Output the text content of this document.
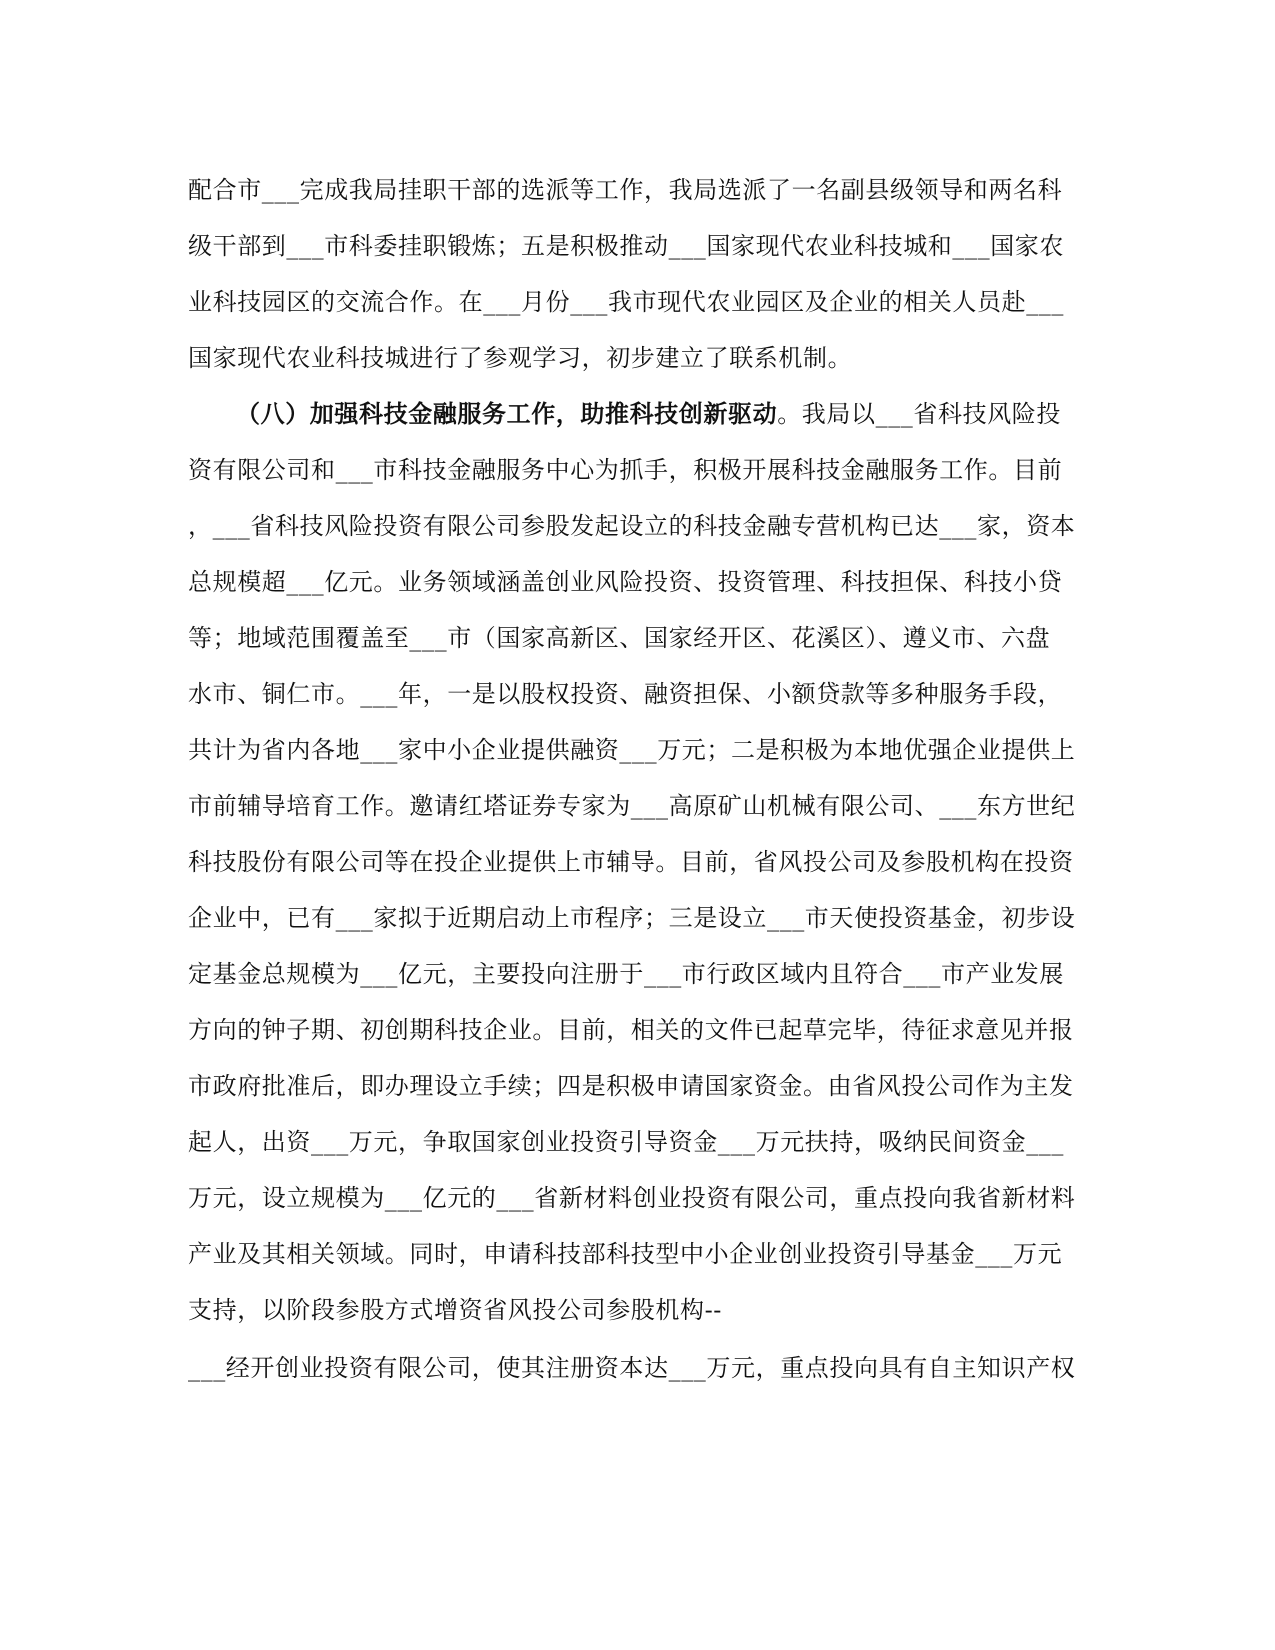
配合市___完成我局挂职干部的选派等工作，我局选派了一名副县级领导和两名科
级干部到___市科委挂职锻炼；五是积极推动___国家现代农业科技城和___国家农
业科技园区的交流合作。在___月份___我市现代农业园区及企业的相关人员赴___
国家现代农业科技城进行了参观学习，初步建立了联系机制。
（八）加强科技金融服务工作，助推科技创新驱动。我局以___省科技风险投
资有限公司和___市科技金融服务中心为抓手，积极开展科技金融服务工作。目前
，___省科技风险投资有限公司参股发起设立的科技金融专营机构已达___家，资本
总规模超___亿元。业务领域涵盖创业风险投资、投资管理、科技担保、科技小贷
等；地域范围覆盖至___市（国家高新区、国家经开区、花溪区）、遵义市、六盘
水市、铜仁市。___年，一是以股权投资、融资担保、小额贷款等多种服务手段，
共计为省内各地___家中小企业提供融资___万元；二是积极为本地优强企业提供上
市前辅导培育工作。邀请红塔证券专家为___高原矿山机械有限公司、___东方世纪
科技股份有限公司等在投企业提供上市辅导。目前，省风投公司及参股机构在投资
企业中，已有___家拟于近期启动上市程序；三是设立___市天使投资基金，初步设
定基金总规模为___亿元，主要投向注册于___市行政区域内且符合___市产业发展
方向的钟子期、初创期科技企业。目前，相关的文件已起草完毕，待征求意见并报
市政府批准后，即办理设立手续；四是积极申请国家资金。由省风投公司作为主发
起人，出资___万元，争取国家创业投资引导资金___万元扶持，吸纳民间资金___
万元，设立规模为___亿元的___省新材料创业投资有限公司，重点投向我省新材料
产业及其相关领域。同时，申请科技部科技型中小企业创业投资引导基金___万元
支持，以阶段参股方式增资省风投公司参股机构--
___经开创业投资有限公司，使其注册资本达___万元，重点投向具有自主知识产权
